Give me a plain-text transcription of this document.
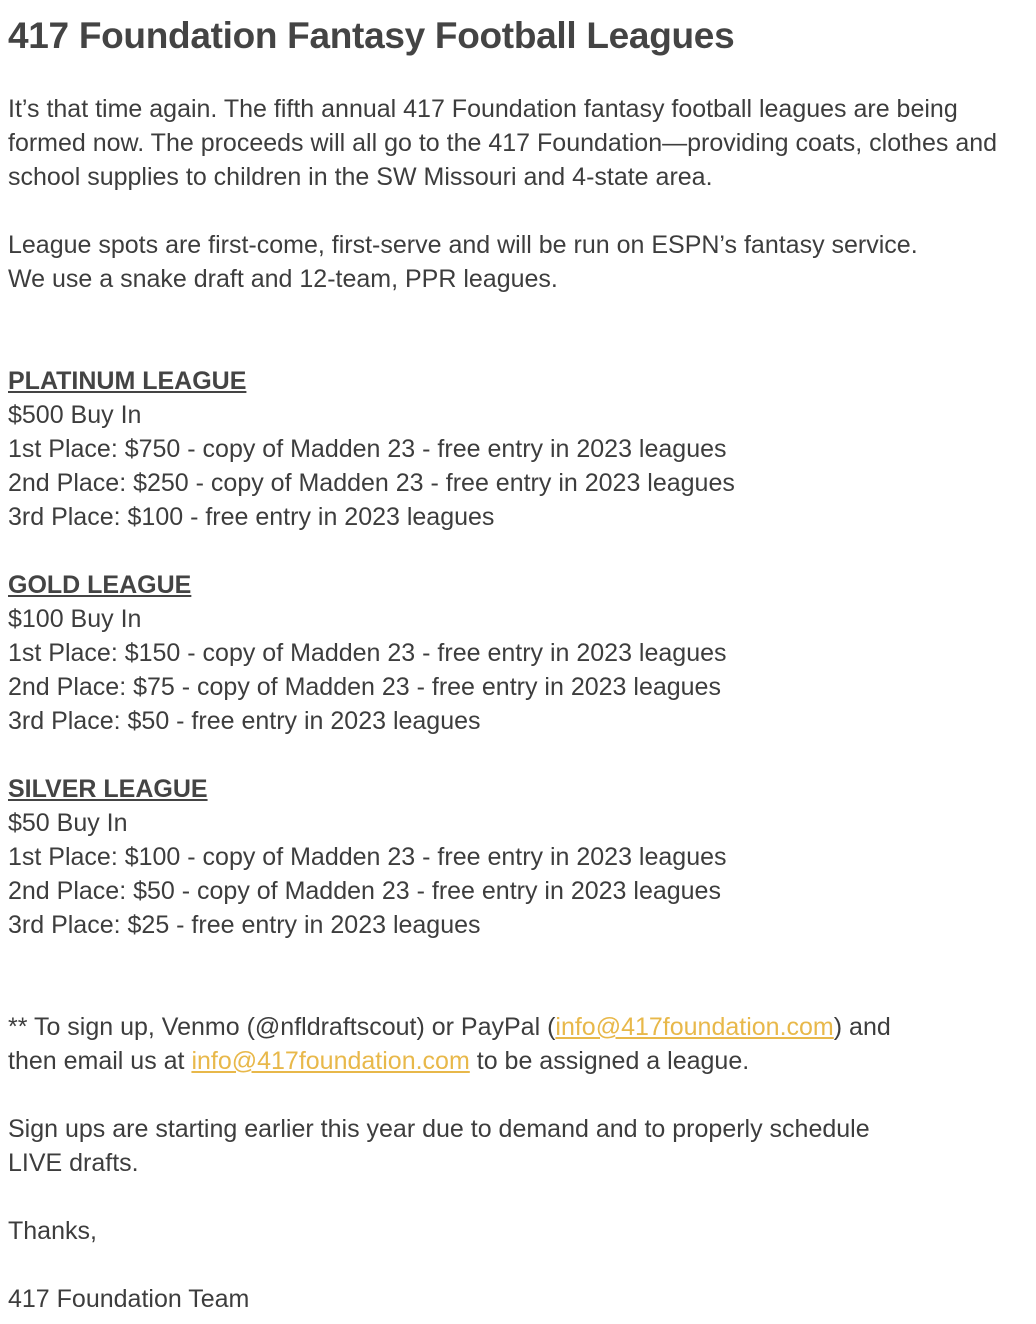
417 Foundation Fantasy Football Leagues

It’s that time again. The fifth annual 417 Foundation fantasy football leagues are being formed now. The proceeds will all go to the 417 Foundation—providing coats, clothes and school supplies to children in the SW Missouri and 4-state area.

League spots are first-come, first-serve and will be run on ESPN’s fantasy service.

We use a snake draft and 12-team, PPR leagues.

PLATINUM LEAGUE

$500 Buy In

1st Place: $750 - copy of Madden 23 - free entry in 2023 leagues

2nd Place: $250 - copy of Madden 23 - free entry in 2023 leagues

3rd Place: $100 - free entry in 2023 leagues

GOLD LEAGUE

$100 Buy In

1st Place: $150 - copy of Madden 23 - free entry in 2023 leagues

2nd Place: $75 - copy of Madden 23 - free entry in 2023 leagues

3rd Place: $50 - free entry in 2023 leagues

SILVER LEAGUE

$50 Buy In

1st Place: $100 - copy of Madden 23 - free entry in 2023 leagues

2nd Place: $50 - copy of Madden 23 - free entry in 2023 leagues

3rd Place: $25 - free entry in 2023 leagues

** To sign up, Venmo (@nfldraftscout) or PayPal (info@417foundation.com) and

then email us at info@417foundation.com to be assigned a league.

Sign ups are starting earlier this year due to demand and to properly schedule

LIVE drafts.

Thanks,

417 Foundation Team
